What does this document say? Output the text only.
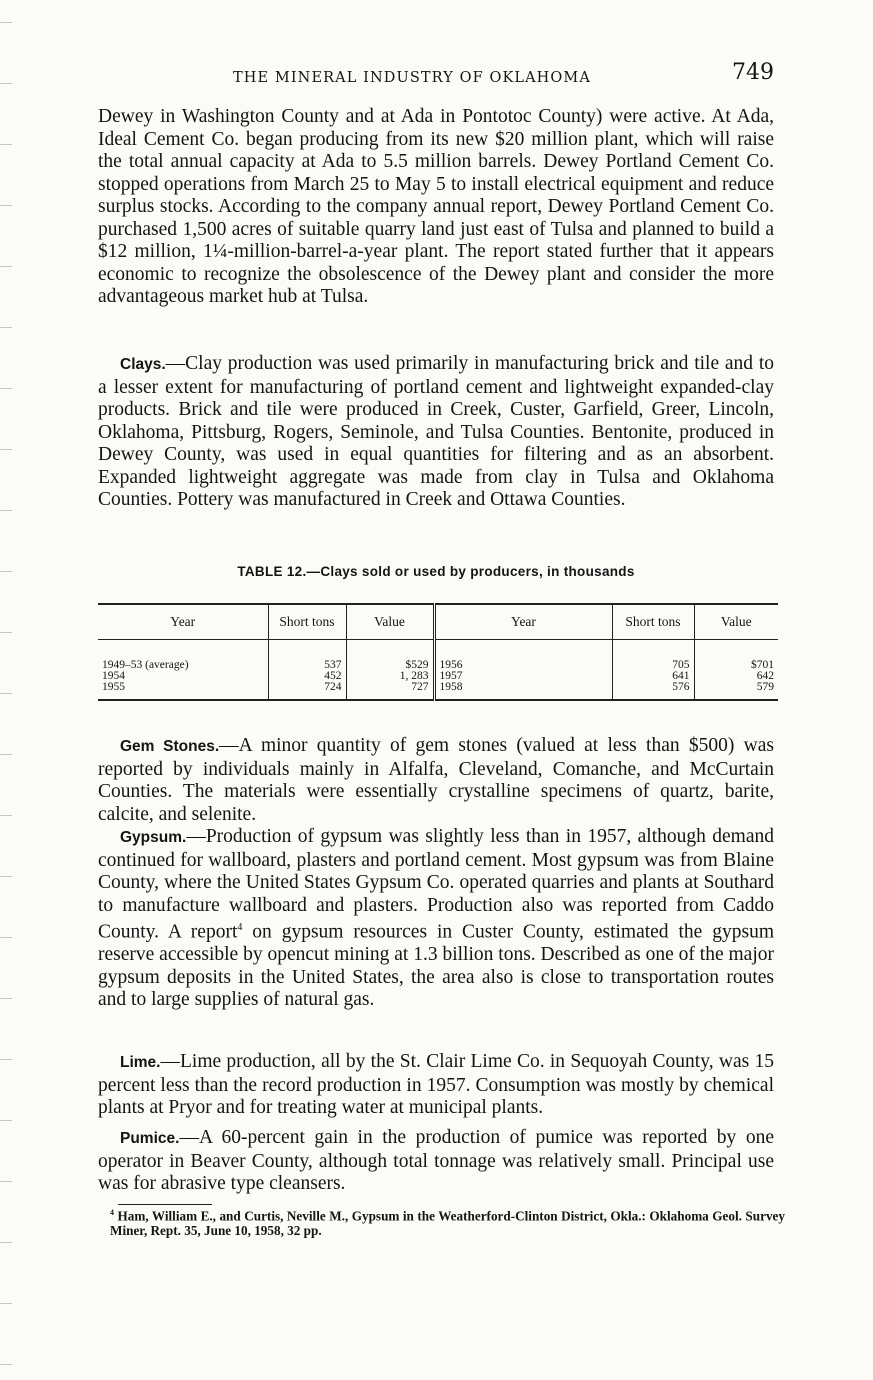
THE MINERAL INDUSTRY OF OKLAHOMA	749

Dewey in Washington County and at Ada in Pontotoc County) were active. At Ada, Ideal Cement Co. began producing from its new $20 million plant, which will raise the total annual capacity at Ada to 5.5 million barrels. Dewey Portland Cement Co. stopped operations from March 25 to May 5 to install electrical equipment and reduce surplus stocks. According to the company annual report, Dewey Portland Cement Co. purchased 1,500 acres of suitable quarry land just east of Tulsa and planned to build a $12 million, 1¼-million-barrel-a-year plant. The report stated further that it appears economic to recognize the obsolescence of the Dewey plant and consider the more advantageous market hub at Tulsa.

Clays.—Clay production was used primarily in manufacturing brick and tile and to a lesser extent for manufacturing of portland cement and lightweight expanded-clay products. Brick and tile were produced in Creek, Custer, Garfield, Greer, Lincoln, Oklahoma, Pittsburg, Rogers, Seminole, and Tulsa Counties. Bentonite, produced in Dewey County, was used in equal quantities for filtering and as an absorbent. Expanded lightweight aggregate was made from clay in Tulsa and Oklahoma Counties. Pottery was manufactured in Creek and Ottawa Counties.

TABLE 12.—Clays sold or used by producers, in thousands
Year	Short tons	Value	Year	Short tons	Value
1949–53 (average)	537	$529	1956	705	$701
1954	452	1, 283	1957	641	642
1955	724	727	1958	576	579

Gem Stones.—A minor quantity of gem stones (valued at less than $500) was reported by individuals mainly in Alfalfa, Cleveland, Comanche, and McCurtain Counties. The materials were essentially crystalline specimens of quartz, barite, calcite, and selenite.

Gypsum.—Production of gypsum was slightly less than in 1957, although demand continued for wallboard, plasters and portland cement. Most gypsum was from Blaine County, where the United States Gypsum Co. operated quarries and plants at Southard to manufacture wallboard and plasters. Production also was reported from Caddo County. A report$^4$ on gypsum resources in Custer County, estimated the gypsum reserve accessible by opencut mining at 1.3 billion tons. Described as one of the major gypsum deposits in the United States, the area also is close to transportation routes and to large supplies of natural gas.

Lime.—Lime production, all by the St. Clair Lime Co. in Sequoyah County, was 15 percent less than the record production in 1957. Consumption was mostly by chemical plants at Pryor and for treating water at municipal plants.

Pumice.—A 60-percent gain in the production of pumice was reported by one operator in Beaver County, although total tonnage was relatively small. Principal use was for abrasive type cleansers.

$^4$ Ham, William E., and Curtis, Neville M., Gypsum in the Weatherford-Clinton District, Okla.: Oklahoma Geol. Survey Miner, Rept. 35, June 10, 1958, 32 pp.
